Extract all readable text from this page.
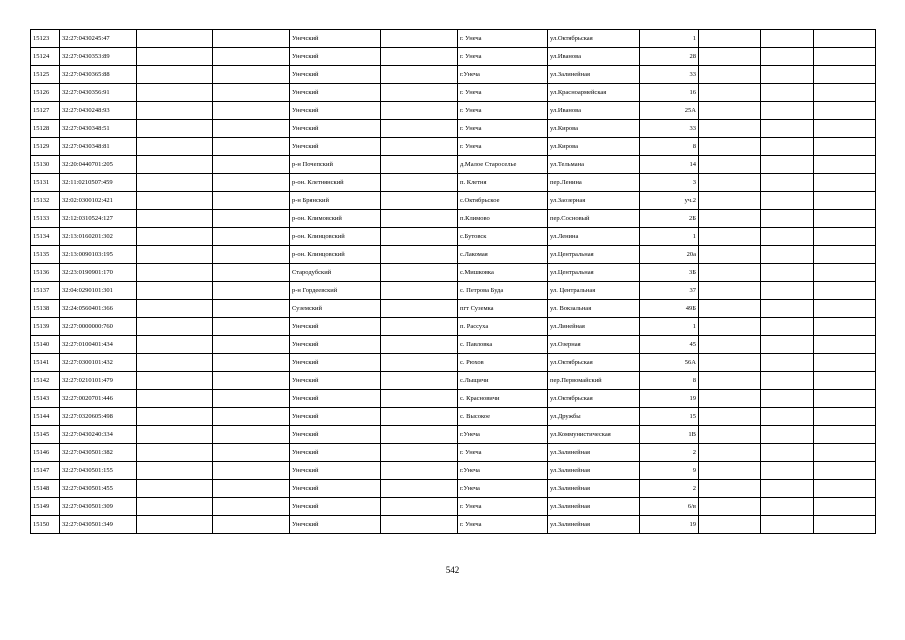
15123	32:27:0430245:47			Унечский		г. Унеча	ул.Октябрьская	1			
15124	32:27:0430353:89			Унечский		г. Унеча	ул.Иванова	28			
15125	32:27:0430365:88			Унечский		г.Унеча	ул.Залинейная	33			
15126	32:27:0430356:91			Унечский		г. Унеча	ул.Красноармейская	16			
15127	32:27:0430248:93			Унечский		г. Унеча	ул.Иванова	25А			
15128	32:27:0430348:51			Унечский		г. Унеча	ул.Кирова	33			
15129	32:27:0430348:81			Унечский		г. Унеча	ул.Кирова	8			
15130	32:20:0440701:205			р-н Почепский		д.Малое Старосельe	ул.Тельмана	14			
15131	32:11:0210507:459			р-он. Клетнянский		п. Клетня	пер.Ленина	3			
15132	32:02:0300102:421			р-н Брянский		с.Октябрьское	ул.Заозерная	уч.2			
15133	32:12:0310524:127			р-он. Климовский		п.Климово	пер.Сосновый	2Б			
15134	32:13:0160201:302			р-он. Клинцовский		с.Бутовск	ул.Ленина	1			
15135	32:13:0090103:195			р-он. Клинцовский		с.Лакомая	ул.Центральная	20а			
15136	32:23:0190901:170			Стародубский		с.Мишковка	ул.Центральная	3Б			
15137	32:04:0290101:301			р-н Гордеевский		с. Петрова Буда	ул. Центральная	37			
15138	32:24:0560401:366			Суземский		пгт Суземка	ул. Вокзальная	49Б			
15139	32:27:0000000:760			Унечский		п. Рассуха	ул.Линейная	1			
15140	32:27:0100401:434			Унечский		с. Павловка	ул.Озерная	45			
15141	32:27:0300101:432			Унечский		с. Рюхов	ул.Октябрьская	56А			
15142	32:27:0210101:479			Унечский		с.Лыщичи	пер.Первомайский	8			
15143	32:27:0020701:446			Унечский		с. Красновичи	ул.Октябрьская	19			
15144	32:27:0320605:498			Унечский		с. Высокое	ул.Дружбы	15			
15145	32:27:0430240:334			Унечский		г.Унеча	ул.Коммунистическая	1В			
15146	32:27:0430501:382			Унечский		г. Унеча	ул.Залинейная	2			
15147	32:27:0430501:155			Унечский		г.Унеча	ул.Залинейная	9			
15148	32:27:0430501:455			Унечский		г.Унеча	ул.Залинейная	2			
15149	32:27:0430501:309			Унечский		г. Унеча	ул.Залинейная	6/в			
15150	32:27:0430501:349			Унечский		г. Унеча	ул.Залинейная	19			
542
